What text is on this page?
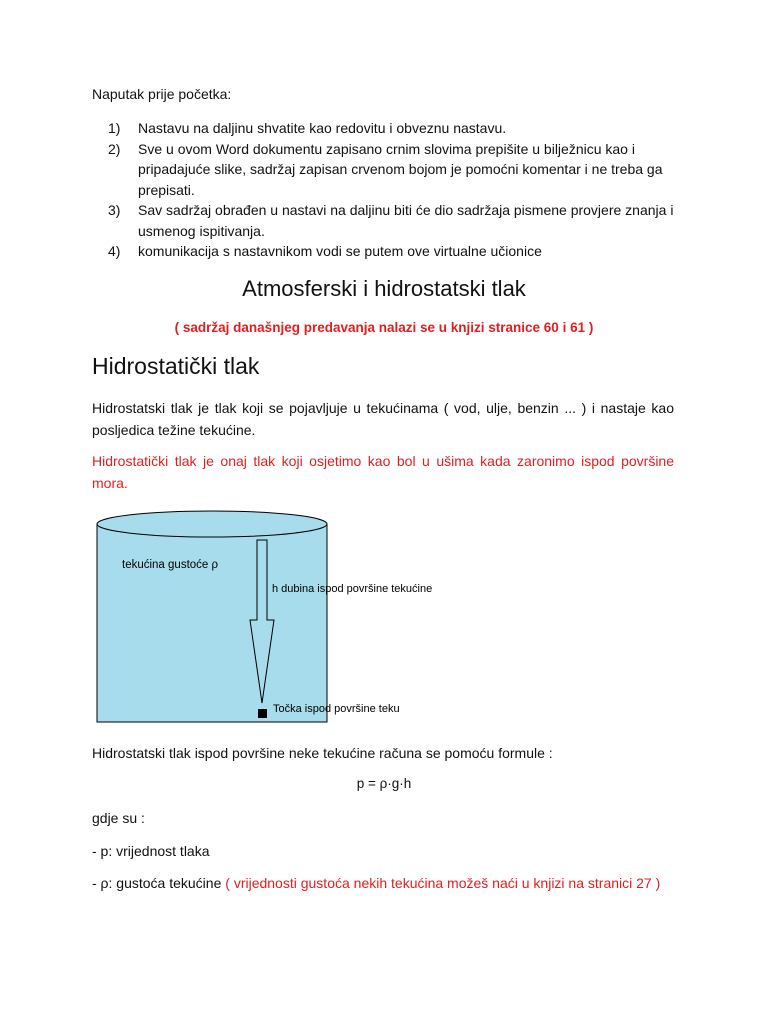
Naputak prije početka:
1) Nastavu na daljinu shvatite kao redovitu i obveznu nastavu.
2) Sve u ovom Word dokumentu zapisano crnim slovima prepišite u bilježnicu kao i pripadajuće slike, sadržaj zapisan crvenom bojom je pomoćni komentar i ne treba ga prepisati.
3) Sav sadržaj obrađen u nastavi na daljinu biti će dio sadržaja pismene provjere znanja i usmenog ispitivanja.
4) komunikacija s nastavnikom vodi se putem ove virtualne učionice
Atmosferski i hidrostatski tlak
( sadržaj današnjeg predavanja nalazi se u knjizi stranice 60 i 61 )
Hidrostatički tlak
Hidrostatski tlak je tlak koji se pojavljuje u tekućinama ( vod, ulje, benzin ... ) i nastaje kao posljedica težine tekućine.
Hidrostatički tlak je onaj tlak koji osjetimo kao bol u ušima kada zaronimo ispod površine mora.
tekućina gustoće ρ
h dubina ispod površine tekućine
Točka ispod površine teku
Hidrostatski tlak ispod površine neke tekućine računa se pomoću formule :
p = ρ·g·h
gdje su :
- p: vrijednost tlaka
- ρ: gustoća tekućine ( vrijednosti gustoća nekih tekućina možeš naći u knjizi na stranici 27 )
